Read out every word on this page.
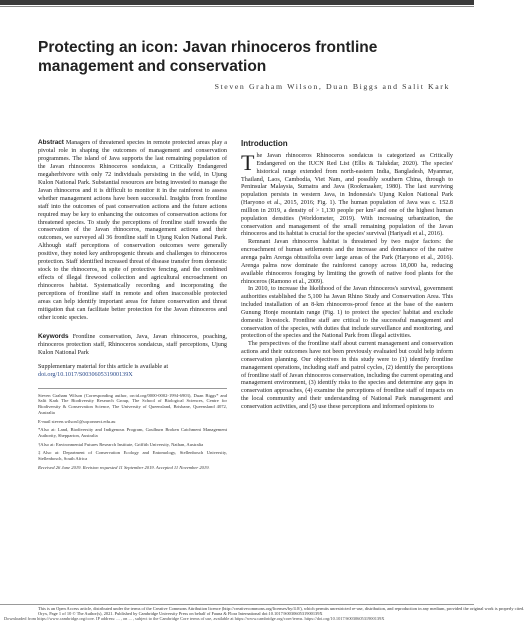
Protecting an icon: Javan rhinoceros frontline management and conservation
Steven Graham Wilson, Duan Biggs and Salit Kark

Abstract Managers of threatened species in remote protected areas play a pivotal role in shaping the outcomes of management and conservation programmes. The island of Java supports the last remaining population of the Javan rhinoceros Rhinoceros sondaicus, a Critically Endangered megaherbivore with only 72 individuals persisting in the wild, in Ujung Kulon National Park. Substantial resources are being invested to manage the Javan rhinoceros and it is difficult to monitor it in the rainforest to assess whether management actions have been successful. Insights from frontline staff into the outcomes of past conservation actions and the future actions required may be key to enhancing the outcomes of conservation actions for threatened species. To study the perceptions of frontline staff towards the conservation of the Javan rhinoceros, management actions and their outcomes, we surveyed all 36 frontline staff in Ujung Kulon National Park. Although staff perceptions of conservation outcomes were generally positive, they noted key anthropogenic threats and challenges to rhinoceros protection. Staff identified increased threat of disease transfer from domestic stock to the rhinoceros, in spite of protective fencing, and the combined effects of illegal firewood collection and agricultural encroachment on rhinoceros habitat. Systematically recording and incorporating the perceptions of frontline staff in remote and often inaccessible protected areas can help identify important areas for future conservation and threat mitigation that can facilitate better protection for the Javan rhinoceros and other iconic species.

Keywords Frontline conservation, Java, Javan rhinoceros, poaching, rhinoceros protection staff, Rhinoceros sondaicus, staff perceptions, Ujung Kulon National Park

Supplementary material for this article is available at doi.org/10.1017/S003060531900139X

Steven Graham Wilson (Corresponding author, orcid.org/0000-0002-1994-6903), Duan Biggs* and Salit Kark The Biodiversity Research Group, The School of Biological Sciences, Centre for Biodiversity & Conservation Science, The University of Queensland, Brisbane, Queensland 4072, Australia

E-mail steven.wilson1@uqconnect.edu.au

*Also at: Land, Biodiversity and Indigenous Program, Goulburn Broken Catchment Management Authority, Shepparton, Australia

†Also at: Environmental Futures Research Institute, Griffith University, Nathan, Australia

‡Also at: Department of Conservation Ecology and Entomology, Stellenbosch University, Stellenbosch, South Africa

Received 26 June 2019. Revision requested 11 September 2019. Accepted 11 November 2019.

Introduction

The Javan rhinoceros Rhinoceros sondaicus is categorized as Critically Endangered on the IUCN Red List (Ellis & Talukdar, 2020). The species' historical range extended from north-eastern India, Bangladesh, Myanmar, Thailand, Laos, Cambodia, Viet Nam, and possibly southern China, through to Peninsular Malaysia, Sumatra and Java (Rookmaaker, 1980). The last surviving population persists in western Java, in Indonesia's Ujung Kulon National Park (Haryono et al., 2015, 2016; Fig. 1). The human population of Java was c. 152.8 million in 2019, a density of > 1,130 people per km² and one of the highest human population densities (Worldometer, 2019). With increasing urbanization, the conservation and management of the small remaining population of the Javan rhinoceros and its habitat is crucial for the species' survival (Hariyadi et al., 2016).

Remnant Javan rhinoceros habitat is threatened by two major factors: the encroachment of human settlements and the increase and dominance of the native arenga palm Arenga obtusifolia over large areas of the Park (Haryono et al., 2016). Arenga palms now dominate the rainforest canopy across 18,000 ha, reducing available rhinoceros foraging by limiting the growth of native food plants for the rhinoceros (Ramono et al., 2009).

In 2010, to increase the likelihood of the Javan rhinoceros's survival, government authorities established the 5,100 ha Javan Rhino Study and Conservation Area. This included installation of an 8-km rhinoceros-proof fence at the base of the eastern Gunung Honje mountain range (Fig. 1) to protect the species' habitat and exclude domestic livestock. Frontline staff are critical to the successful management and conservation of the species, with duties that include surveillance and monitoring, and protection of the species and the National Park from illegal activities.

The perspectives of the frontline staff about current management and conservation actions and their outcomes have not been previously evaluated but could help inform conservation planning. Our objectives in this study were to (1) identify frontline management operations, including staff and patrol cycles, (2) identify the perceptions of frontline staff of Javan rhinoceros conservation, including the current operating and management environment, (3) identify risks to the species and determine any gaps in conservation approaches, (4) examine the perceptions of frontline staff of impacts on the local community and their understanding of National Park management and conservation activities, and (5) use these perceptions and informed opinions to

This is an Open Access article, distributed under the terms of the Creative Commons Attribution licence (http://creativecommons.org/licenses/by/4.0/), which permits unrestricted re-use, distribution, and reproduction in any medium, provided the original work is properly cited.
Oryx, Page 1 of 10 © The Author(s), 2021. Published by Cambridge University Press on behalf of Fauna & Flora International doi:10.1017/S003060531900139X
Downloaded from https://www.cambridge.org/core. IP address: ... , on ... , subject to the Cambridge Core terms of use, available at https://www.cambridge.org/core/terms. https://doi.org/10.1017/S003060531900139X
